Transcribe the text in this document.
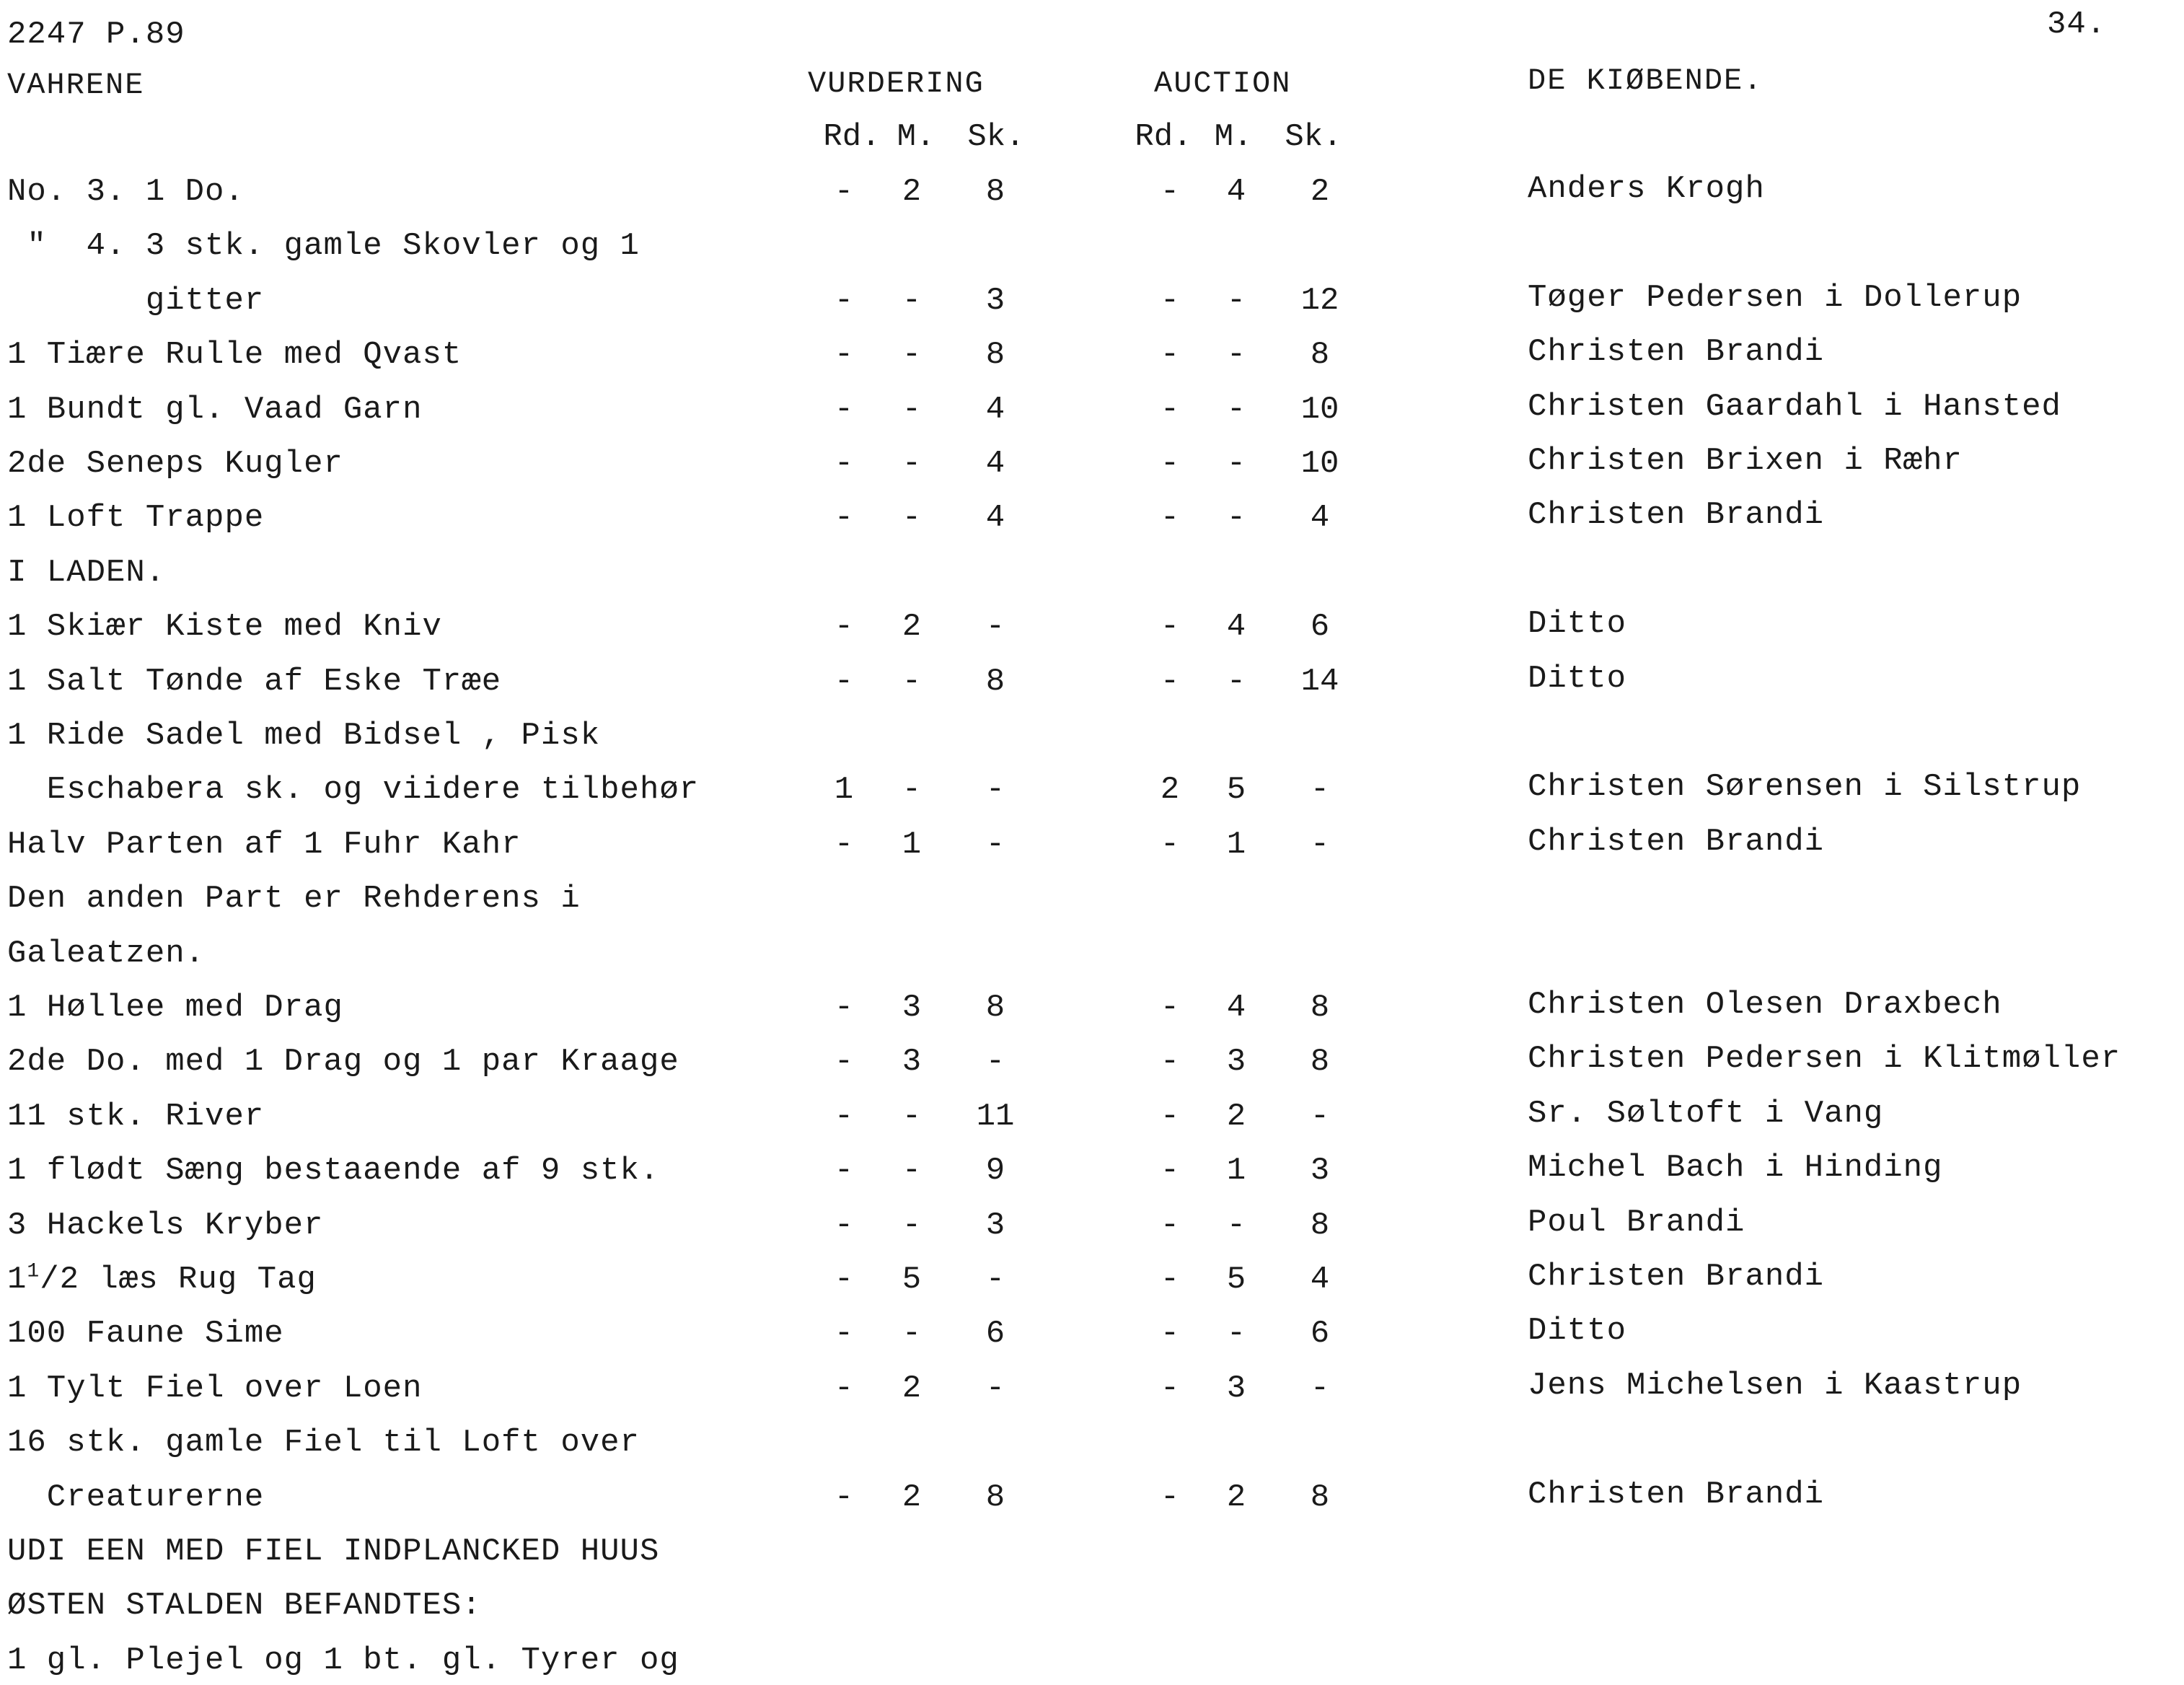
2247 P.89	34.
VAHRENE	VURDERING	AUCTION	DE KIØBENDE.
Rd. M. Sk.	Rd. M. Sk.
No. 3. 1 Do.	-	2	8	-	4	2	Anders Krogh
"  4. 3 stk. gamle Skovler og 1
gitter	-	-	3	-	-	12	Tøger Pedersen i Dollerup
1 Tiære Rulle med Qvast	-	-	8	-	-	8	Christen Brandi
1 Bundt gl. Vaad Garn	-	-	4	-	-	10	Christen Gaardahl i Hansted
2de Seneps Kugler	-	-	4	-	-	10	Christen Brixen i Ræhr
1 Loft Trappe	-	-	4	-	-	4	Christen Brandi
I LADEN.
1 Skiær Kiste med Kniv	-	2	-	-	4	6	Ditto
1 Salt Tønde af Eske Træe	-	-	8	-	-	14	Ditto
1 Ride Sadel med Bidsel , Pisk
Eschabera sk. og viidere tilbehør	1	-	-	2	5	-	Christen Sørensen i Silstrup
Halv Parten af 1 Fuhr Kahr	-	1	-	-	1	-	Christen Brandi
Den anden Part er Rehderens i
Galeatzen.
1 Høllee med Drag	-	3	8	-	4	8	Christen Olesen Draxbech
2de Do. med 1 Drag og 1 par Kraage	-	3	-	-	3	8	Christen Pedersen i Klitmøller
11 stk. River	-	-	11	-	2	-	Sr. Søltoft i Vang
1 flødt Sæng bestaaende af 9 stk.	-	-	9	-	1	3	Michel Bach i Hinding
3 Hackels Kryber	-	-	3	-	-	8	Poul Brandi
$1^1/2$ læs Rug Tag	-	5	-	-	5	4	Christen Brandi
100 Faune Sime	-	-	6	-	-	6	Ditto
1 Tylt Fiel over Loen	-	2	-	-	3	-	Jens Michelsen i Kaastrup
16 stk. gamle Fiel til Loft over
Creaturerne	-	2	8	-	2	8	Christen Brandi
UDI EEN MED FIEL INDPLANCKED HUUS
ØSTEN STALDEN BEFANDTES:
1 gl. Plejel og 1 bt. gl. Tyrer og
